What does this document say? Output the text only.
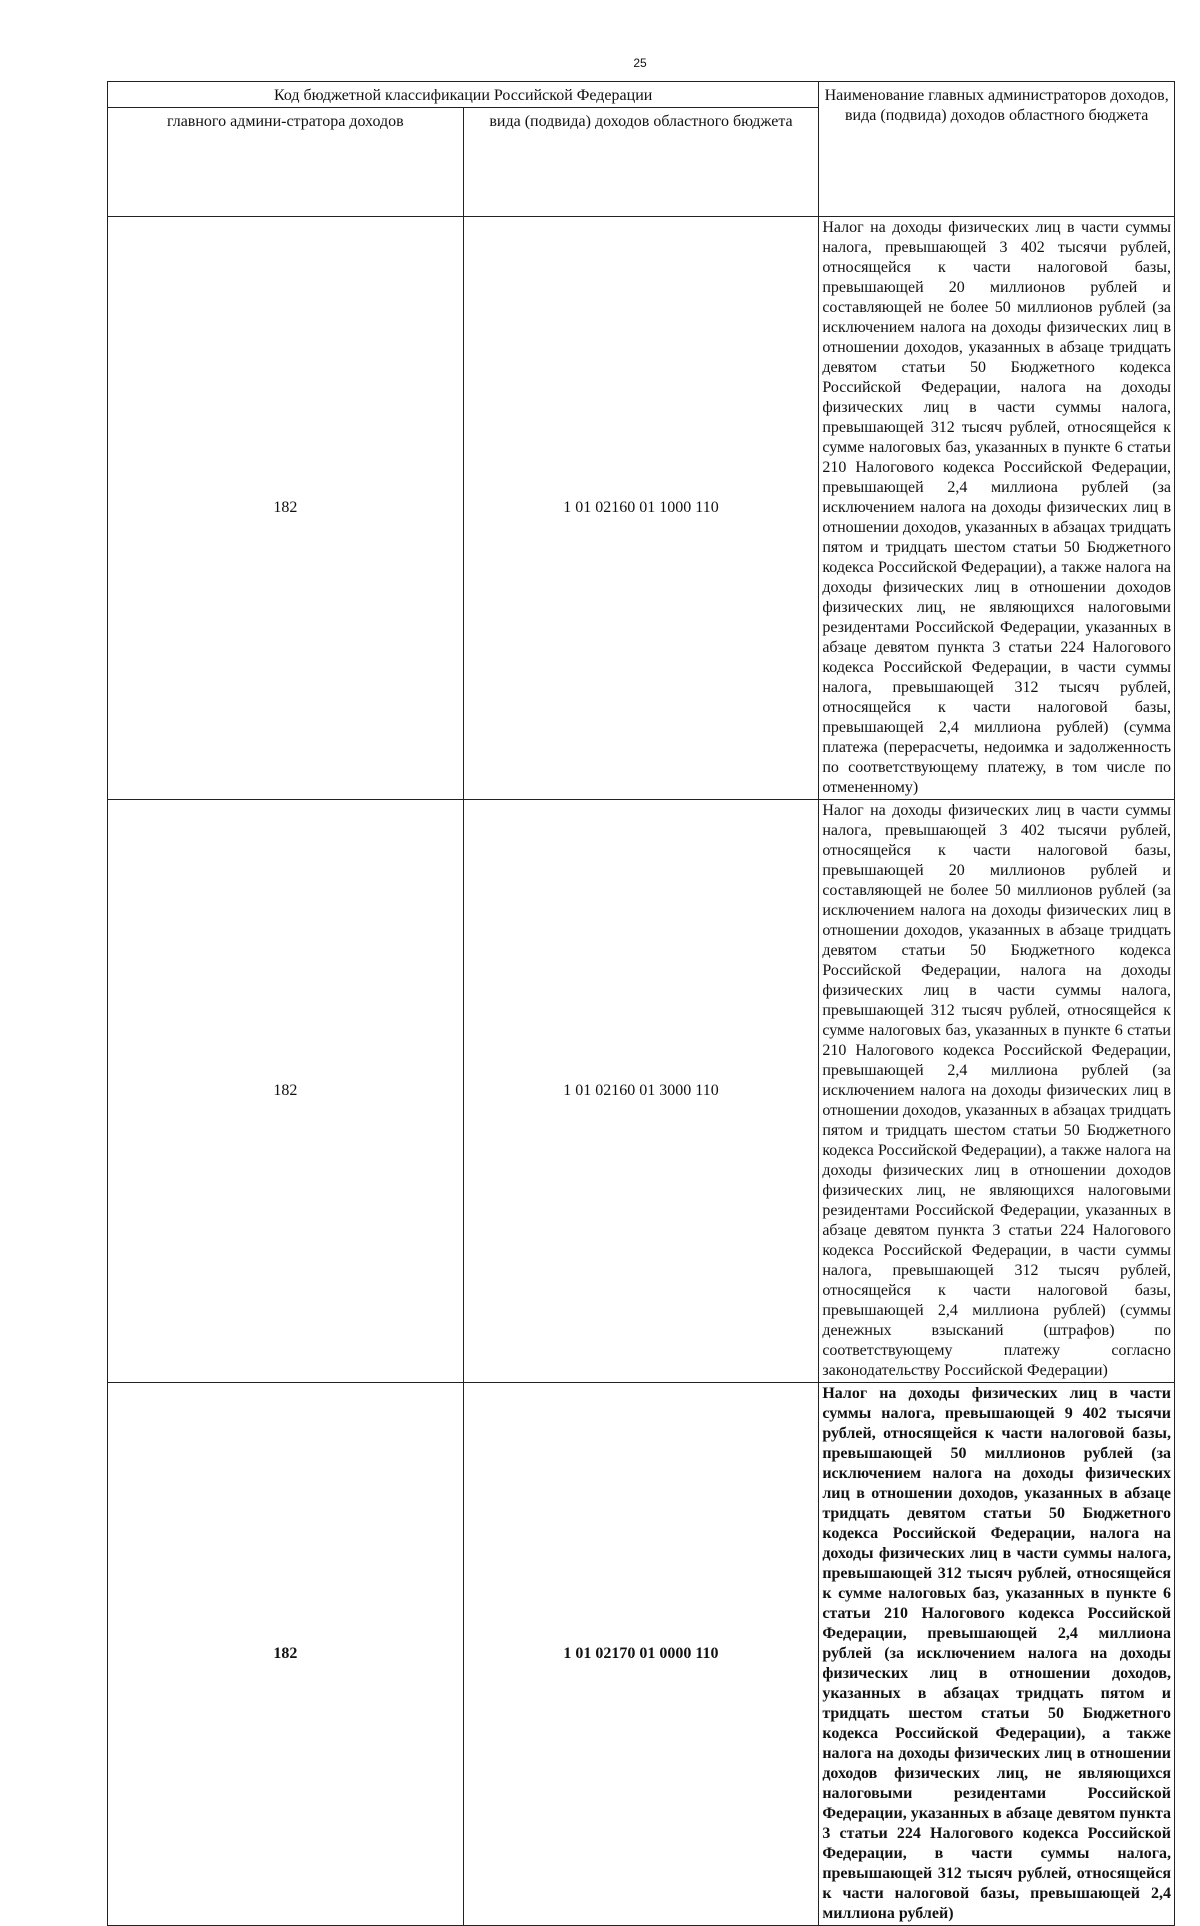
25
Код бюджетной классификации Российской Федерации		Наименование главных администраторов доходов, вида (подвида) доходов областного бюджета
главного админи-стратора доходов	вида (подвида) доходов областного бюджета	
182	1 01 02160 01 1000 110	Налог на доходы физических лиц в части суммы налога, превышающей 3 402 тысячи рублей, относящейся к части налоговой базы, превышающей 20 миллионов рублей и составляющей не более 50 миллионов рублей (за исключением налога на доходы физических лиц в отношении доходов, указанных в абзаце тридцать девятом статьи 50 Бюджетного кодекса Российской Федерации, налога на доходы физических лиц в части суммы налога, превышающей 312 тысяч рублей, относящейся к сумме налоговых баз, указанных в пункте 6 статьи 210 Налогового кодекса Российской Федерации, превышающей 2,4 миллиона рублей (за исключением налога на доходы физических лиц в отношении доходов, указанных в абзацах тридцать пятом и тридцать шестом статьи 50 Бюджетного кодекса Российской Федерации), а также налога на доходы физических лиц в отношении доходов физических лиц, не являющихся налоговыми резидентами Российской Федерации, указанных в абзаце девятом пункта 3 статьи 224 Налогового кодекса Российской Федерации, в части суммы налога, превышающей 312 тысяч рублей, относящейся к части налоговой базы, превышающей 2,4 миллиона рублей) (сумма платежа (перерасчеты, недоимка и задолженность по соответствующему платежу, в том числе по отмененному)
182	1 01 02160 01 3000 110	Налог на доходы физических лиц в части суммы налога, превышающей 3 402 тысячи рублей, относящейся к части налоговой базы, превышающей 20 миллионов рублей и составляющей не более 50 миллионов рублей (за исключением налога на доходы физических лиц в отношении доходов, указанных в абзаце тридцать девятом статьи 50 Бюджетного кодекса Российской Федерации, налога на доходы физических лиц в части суммы налога, превышающей 312 тысяч рублей, относящейся к сумме налоговых баз, указанных в пункте 6 статьи 210 Налогового кодекса Российской Федерации, превышающей 2,4 миллиона рублей (за исключением налога на доходы физических лиц в отношении доходов, указанных в абзацах тридцать пятом и тридцать шестом статьи 50 Бюджетного кодекса Российской Федерации), а также налога на доходы физических лиц в отношении доходов физических лиц, не являющихся налоговыми резидентами Российской Федерации, указанных в абзаце девятом пункта 3 статьи 224 Налогового кодекса Российской Федерации, в части суммы налога, превышающей 312 тысяч рублей, относящейся к части налоговой базы, превышающей 2,4 миллиона рублей) (суммы денежных взысканий (штрафов) по соответствующему платежу согласно законодательству Российской Федерации)
182	1 01 02170 01 0000 110	Налог на доходы физических лиц в части суммы налога, превышающей 9 402 тысячи рублей, относящейся к части налоговой базы, превышающей 50 миллионов рублей (за исключением налога на доходы физических лиц в отношении доходов, указанных в абзаце тридцать девятом статьи 50 Бюджетного кодекса Российской Федерации, налога на доходы физических лиц в части суммы налога, превышающей 312 тысяч рублей, относящейся к сумме налоговых баз, указанных в пункте 6 статьи 210 Налогового кодекса Российской Федерации, превышающей 2,4 миллиона рублей (за исключением налога на доходы физических лиц в отношении доходов, указанных в абзацах тридцать пятом и тридцать шестом статьи 50 Бюджетного кодекса Российской Федерации), а также налога на доходы физических лиц в отношении доходов физических лиц, не являющихся налоговыми резидентами Российской Федерации, указанных в абзаце девятом пункта 3 статьи 224 Налогового кодекса Российской Федерации, в части суммы налога, превышающей 312 тысяч рублей, относящейся к части налоговой базы, превышающей 2,4 миллиона рублей)
